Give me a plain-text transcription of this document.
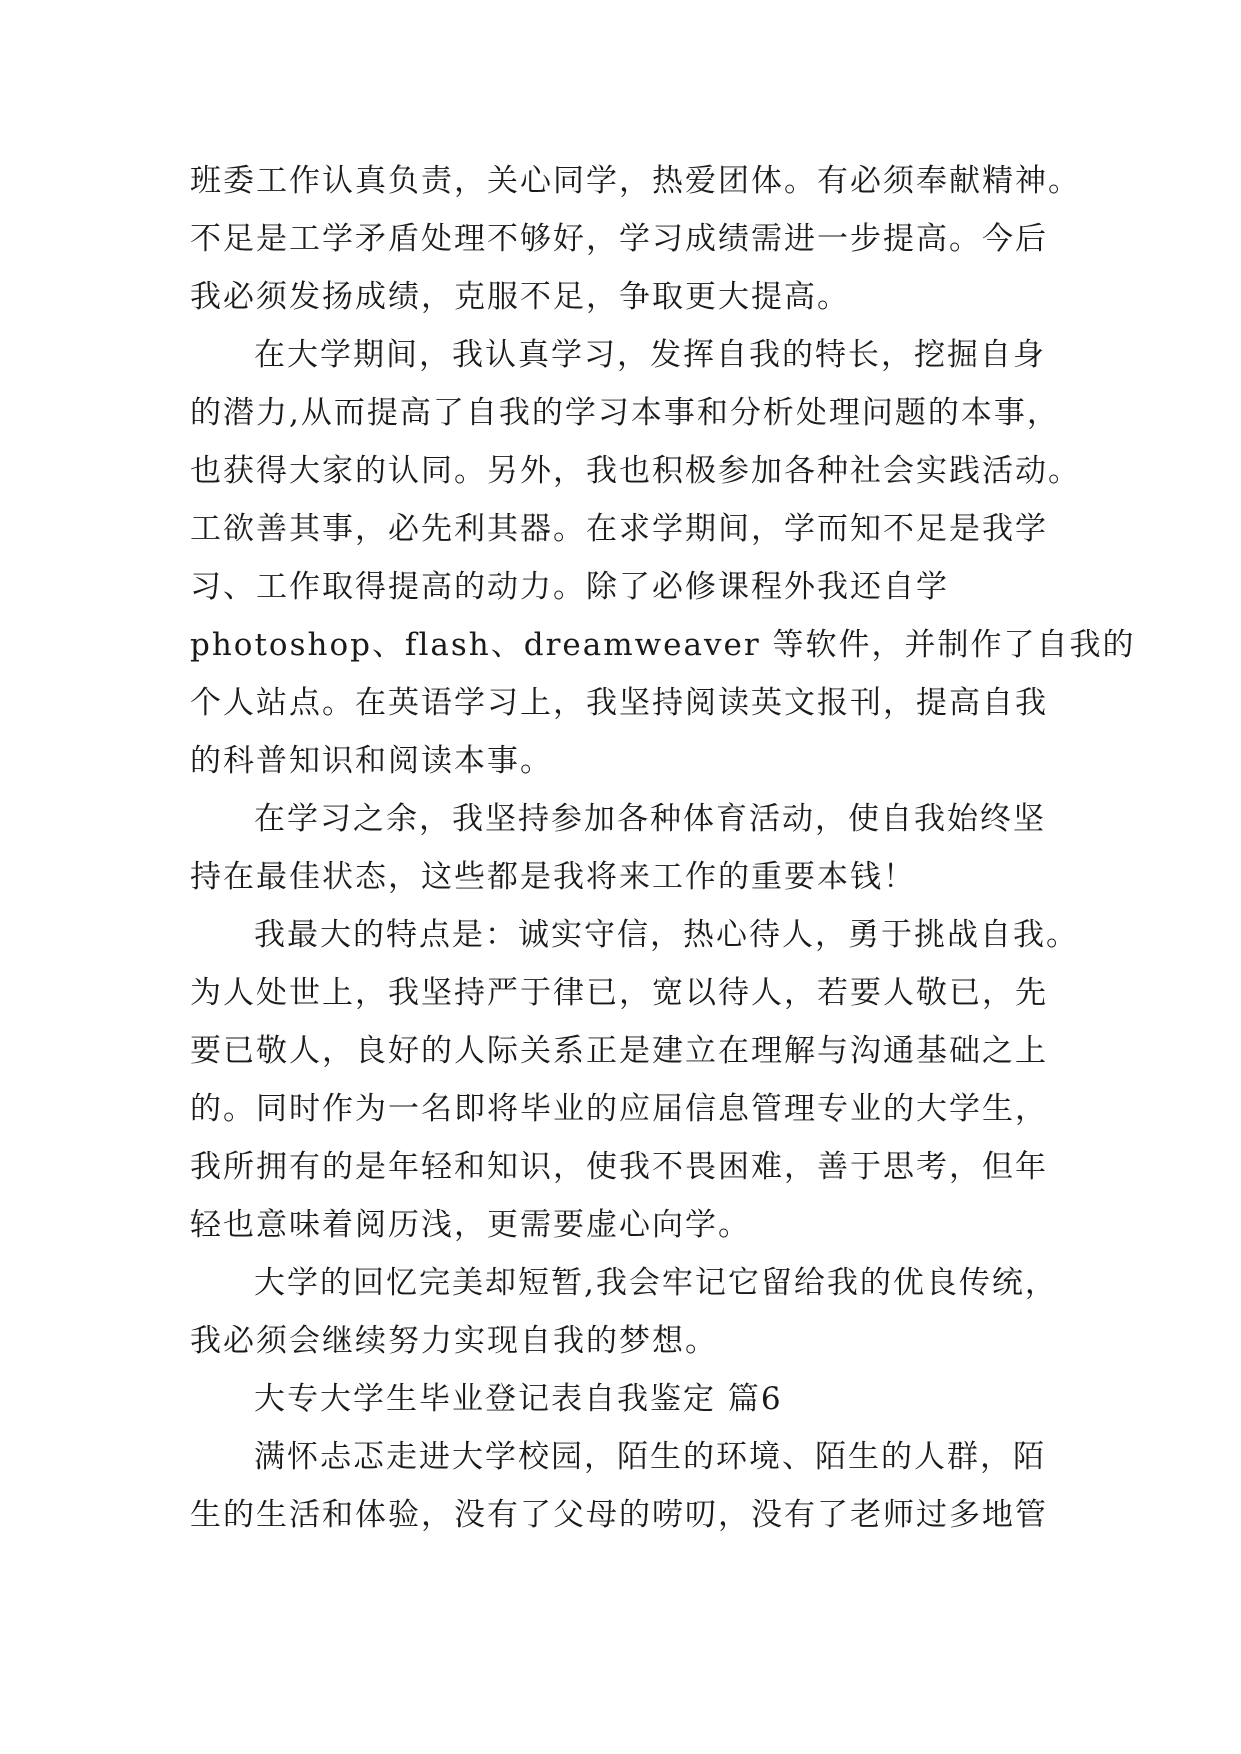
班委工作认真负责，关心同学，热爱团体。有必须奉献精神。
不足是工学矛盾处理不够好，学习成绩需进一步提高。今后
我必须发扬成绩，克服不足，争取更大提高。
在大学期间，我认真学习，发挥自我的特长，挖掘自身
的潜力,从而提高了自我的学习本事和分析处理问题的本事，
也获得大家的认同。另外，我也积极参加各种社会实践活动。
工欲善其事，必先利其器。在求学期间，学而知不足是我学
习、工作取得提高的动力。除了必修课程外我还自学
photoshop、flash、dreamweaver 等软件，并制作了自我的
个人站点。在英语学习上，我坚持阅读英文报刊，提高自我
的科普知识和阅读本事。
在学习之余，我坚持参加各种体育活动，使自我始终坚
持在最佳状态，这些都是我将来工作的重要本钱！
我最大的特点是：诚实守信，热心待人，勇于挑战自我。
为人处世上，我坚持严于律已，宽以待人，若要人敬已，先
要已敬人，良好的人际关系正是建立在理解与沟通基础之上
的。同时作为一名即将毕业的应届信息管理专业的大学生，
我所拥有的是年轻和知识，使我不畏困难，善于思考，但年
轻也意味着阅历浅，更需要虚心向学。
大学的回忆完美却短暂,我会牢记它留给我的优良传统，
我必须会继续努力实现自我的梦想。
大专大学生毕业登记表自我鉴定 篇6
满怀忐忑走进大学校园，陌生的环境、陌生的人群，陌
生的生活和体验，没有了父母的唠叨，没有了老师过多地管
